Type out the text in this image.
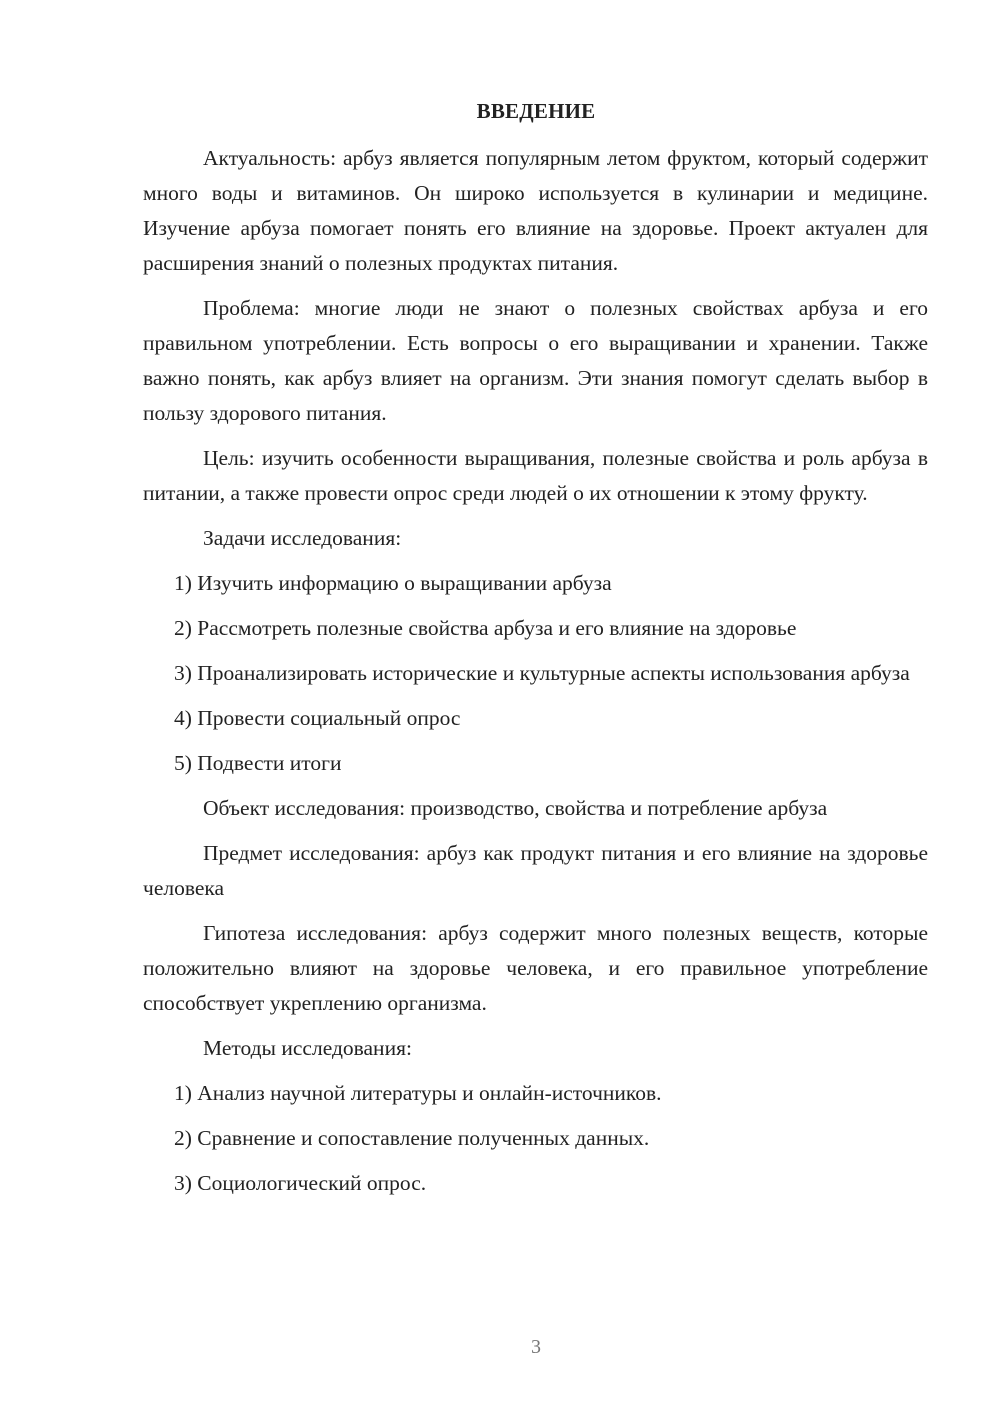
ВВЕДЕНИЕ

Актуальность: арбуз является популярным летом фруктом, который содержит много воды и витаминов. Он широко используется в кулинарии и медицине. Изучение арбуза помогает понять его влияние на здоровье. Проект актуален для расширения знаний о полезных продуктах питания.

Проблема: многие люди не знают о полезных свойствах арбуза и его правильном употреблении. Есть вопросы о его выращивании и хранении. Также важно понять, как арбуз влияет на организм. Эти знания помогут сделать выбор в пользу здорового питания.

Цель: изучить особенности выращивания, полезные свойства и роль арбуза в питании, а также провести опрос среди людей о их отношении к этому фрукту.

Задачи исследования:

1) Изучить информацию о выращивании арбуза

2) Рассмотреть полезные свойства арбуза и его влияние на здоровье

3) Проанализировать исторические и культурные аспекты использования арбуза

4) Провести социальный опрос

5) Подвести итоги

Объект исследования: производство, свойства и потребление арбуза

Предмет исследования: арбуз как продукт питания и его влияние на здоровье человека

Гипотеза исследования: арбуз содержит много полезных веществ, которые положительно влияют на здоровье человека, и его правильное употребление способствует укреплению организма.

Методы исследования:

1) Анализ научной литературы и онлайн-источников.

2) Сравнение и сопоставление полученных данных.

3) Социологический опрос.

3
